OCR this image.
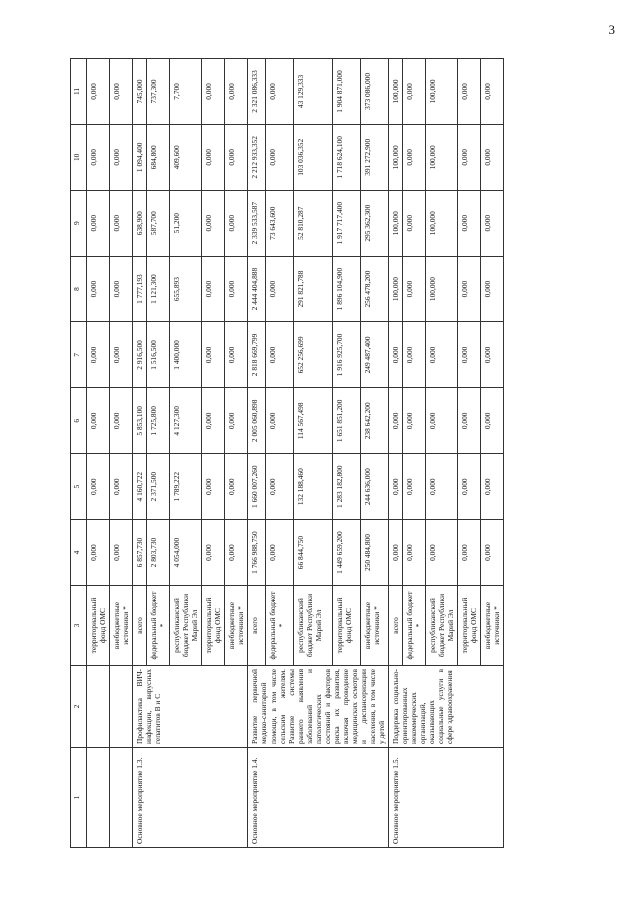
3
1	2	3	4	5	6	7	8	9	10	11
		территориальный фонд ОМС	0,000	0,000	0,000	0,000	0,000	0,000	0,000	0,000
		внебюджетные источники *	0,000	0,000	0,000	0,000	0,000	0,000	0,000	0,000
Основное мероприятие 1.3.	Профилактика ВИЧ-инфекции, вирусных гепатитов В и С	всего	6 857,730	4 160,722	5 853,100	2 916,500	1 777,193	638,900	1 094,400	745,000
		федеральный бюджет *	2 803,730	2 371,500	1 725,800	1 516,500	1 121,300	587,700	684,800	737,300
		республиканский бюджет Республики Марий Эл	4 054,000	1 789,222	4 127,300	1 400,000	655,893	51,200	409,600	7,700
		территориальный фонд ОМС	0,000	0,000	0,000	0,000	0,000	0,000	0,000	0,000
		внебюджетные источники *	0,000	0,000	0,000	0,000	0,000	0,000	0,000	0,000
Основное мероприятие 1.4.	Развитие первичной медико-санитарной помощи, в том числе сельским жителям. Развитие системы раннего выявления заболеваний и патологических состояний и факторов риска их развития, включая проведение медицинских осмотров и диспансеризации населения, в том числе у детей	всего	1 766 988,750	1 660 007,260	2 005 060,898	2 818 669,799	2 444 404,888	2 339 533,587	2 212 933,352	2 321 086,333
		федеральный бюджет *	0,000	0,000	0,000	0,000	0,000	73 643,600	0,000	0,000
		республиканский бюджет Республики Марий Эл	66 844,750	132 188,460	114 567,498	652 256,699	291 821,788	52 810,287	103 036,352	43 129,333
		территориальный фонд ОМС	1 449 659,200	1 283 182,800	1 651 851,200	1 916 925,700	1 896 104,900	1 917 717,400	1 718 624,100	1 904 871,000
		внебюджетные источники *	250 484,800	244 636,000	238 642,200	249 487,400	256 478,200	295 362,300	391 272,900	373 086,000
Основное мероприятие 1.5.	Поддержка социально-ориентированных некоммерческих организаций, оказывающих социальные услуги в сфере здравоохранения	всего	0,000	0,000	0,000	0,000	100,000	100,000	100,000	100,000
		федеральный бюджет *	0,000	0,000	0,000	0,000	0,000	0,000	0,000	0,000
		республиканский бюджет Республики Марий Эл	0,000	0,000	0,000	0,000	100,000	100,000	100,000	100,000
		территориальный фонд ОМС	0,000	0,000	0,000	0,000	0,000	0,000	0,000	0,000
		внебюджетные источники *	0,000	0,000	0,000	0,000	0,000	0,000	0,000	0,000
